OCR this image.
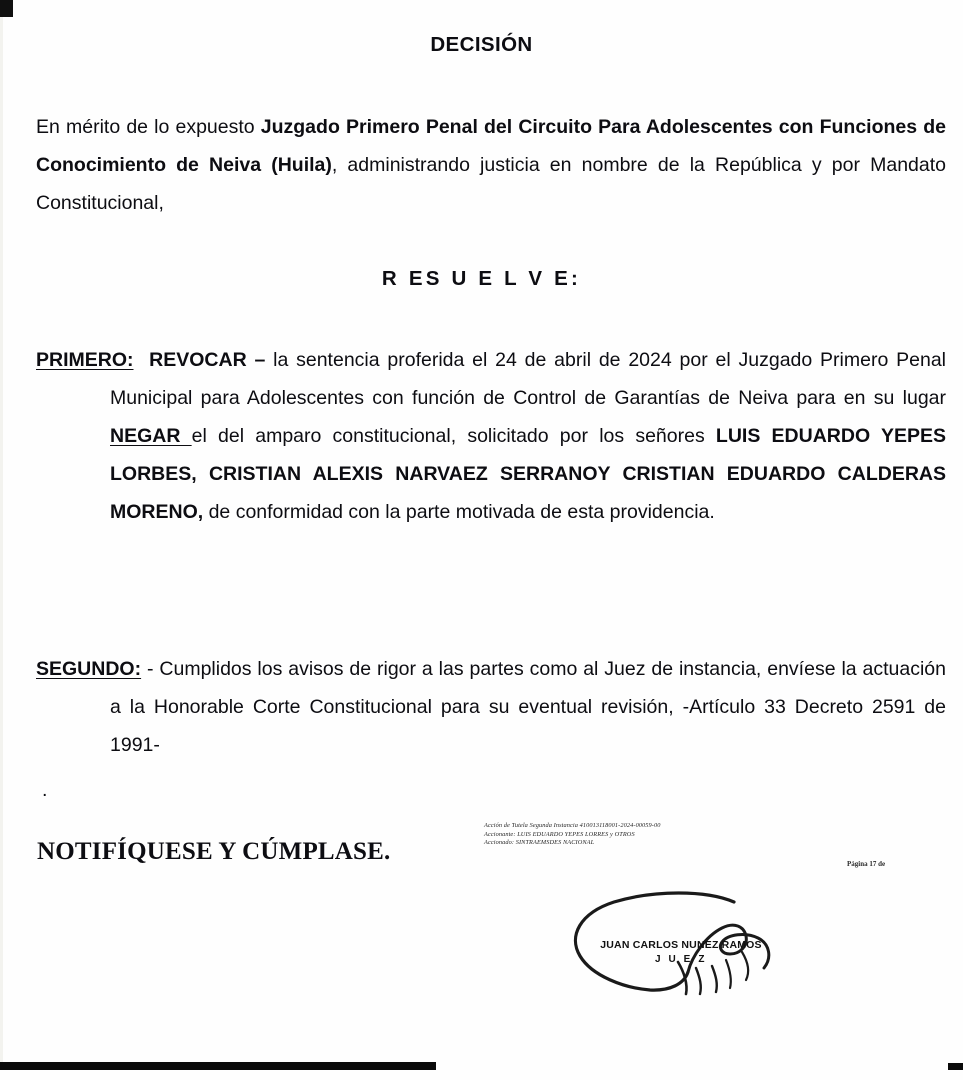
DECISIÓN
En mérito de lo expuesto Juzgado Primero Penal del Circuito Para Adolescentes con Funciones de Conocimiento de Neiva (Huila), administrando justicia en nombre de la República y por Mandato Constitucional,
R ES U E L V E:
PRIMERO: REVOCAR – la sentencia proferida el 24 de abril de 2024 por el Juzgado Primero Penal Municipal para Adolescentes con función de Control de Garantías de Neiva para en su lugar NEGAR el del amparo constitucional, solicitado por los señores LUIS EDUARDO YEPES LORBES, CRISTIAN ALEXIS NARVAEZ SERRANOY CRISTIAN EDUARDO CALDERAS MORENO, de conformidad con la parte motivada de esta providencia.
SEGUNDO: - Cumplidos los avisos de rigor a las partes como al Juez de instancia, envíese la actuación a la Honorable Corte Constitucional para su eventual revisión, -Artículo 33 Decreto 2591 de 1991-
.
NOTIFÍQUESE Y CÚMPLASE.
Acción de Tutela Segunda Instancia 410013118001-2024-00059-00
Accionante: LUIS EDUARDO YEPES LORRES y OTROS
Accionado: SINTRAEMSDES NACIONAL
Página 17 de
JUAN CARLOS NUNEZ RAMOS
J U E Z
